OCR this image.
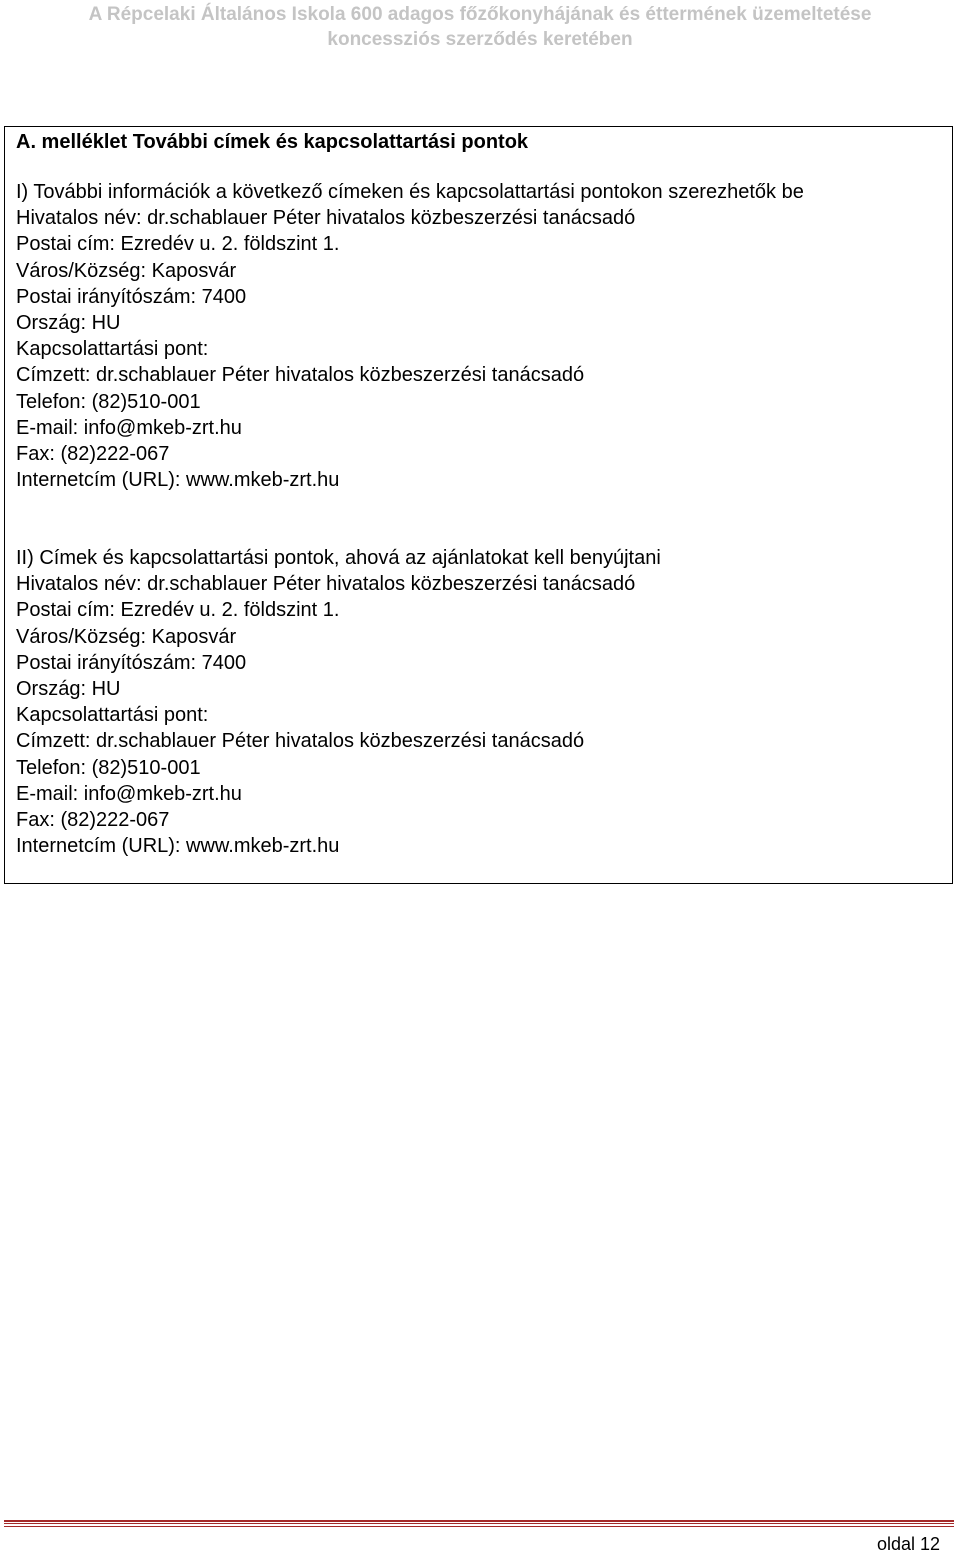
A Répcelaki Általános Iskola 600 adagos főzőkonyhájának és éttermének üzemeltetése
koncessziós szerződés keretében
A. melléklet További címek és kapcsolattartási pontok
I) További információk a következő címeken és kapcsolattartási pontokon szerezhetők be
Hivatalos név: dr.schablauer Péter hivatalos közbeszerzési tanácsadó
Postai cím: Ezredév u. 2. földszint 1.
Város/Község: Kaposvár
Postai irányítószám: 7400
Ország: HU
Kapcsolattartási pont:
Címzett: dr.schablauer Péter hivatalos közbeszerzési tanácsadó
Telefon: (82)510-001
E-mail: info@mkeb-zrt.hu
Fax: (82)222-067
Internetcím (URL): www.mkeb-zrt.hu
II) Címek és kapcsolattartási pontok, ahová az ajánlatokat kell benyújtani
Hivatalos név: dr.schablauer Péter hivatalos közbeszerzési tanácsadó
Postai cím: Ezredév u. 2. földszint 1.
Város/Község: Kaposvár
Postai irányítószám: 7400
Ország: HU
Kapcsolattartási pont:
Címzett: dr.schablauer Péter hivatalos közbeszerzési tanácsadó
Telefon: (82)510-001
E-mail: info@mkeb-zrt.hu
Fax: (82)222-067
Internetcím (URL): www.mkeb-zrt.hu
oldal 12
